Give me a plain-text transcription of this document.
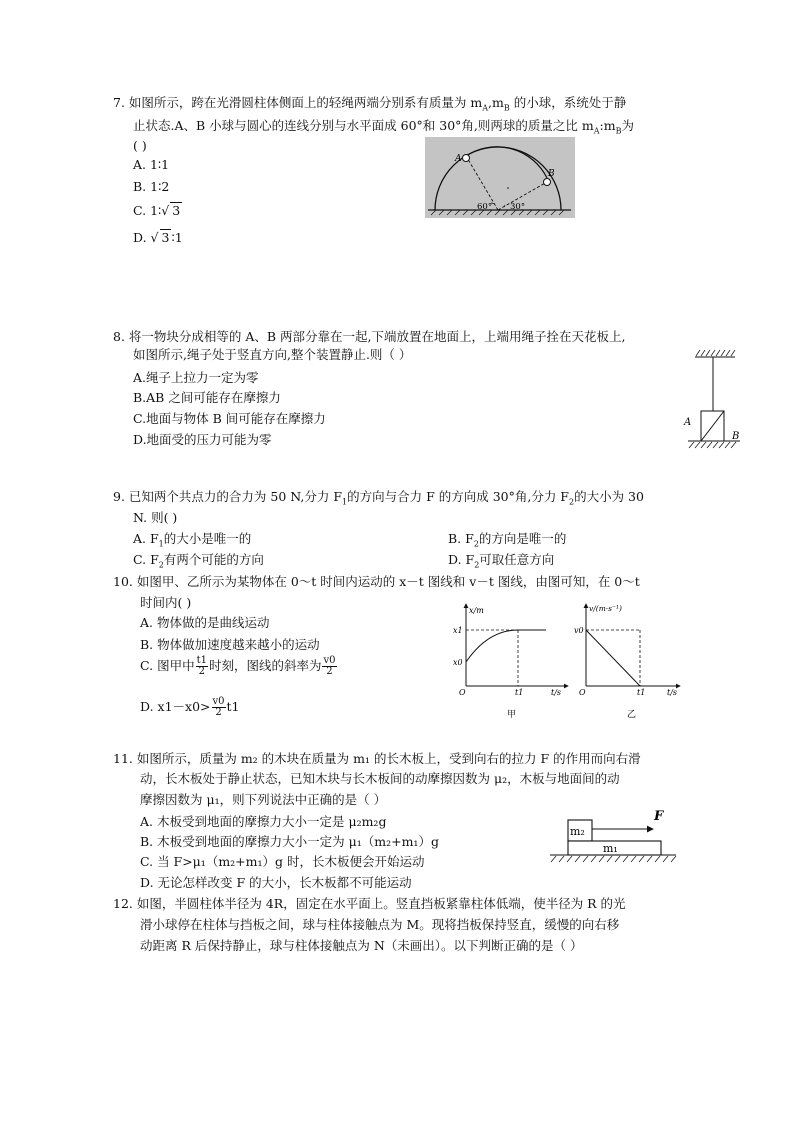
7. 如图所示，跨在光滑圆柱体侧面上的轻绳两端分别系有质量为 $m_A,m_B$ 的小球，系统处于静
止状态.A、B 小球与圆心的连线分别与水平面成 60°和 30°角,则两球的质量之比 $m_A:m_B$为
( )
A. 1∶1
B. 1∶2
C. 1∶√ 3
D. √ 3 ∶1
A
B
60° 30°
8. 将一物块分成相等的 A、B 两部分靠在一起,下端放置在地面上，上端用绳子拴在天花板上,
如图所示,绳子处于竖直方向,整个装置静止.则（ ）
A.绳子上拉力一定为零
B.AB 之间可能存在摩擦力
C.地面与物体 B 间可能存在摩擦力
D.地面受的压力可能为零
A
B
9. 已知两个共点力的合力为 50 N,分力 $F_1$的方向与合力 F 的方向成 30°角,分力 $F_2$的大小为 30
N. 则( )
A. $F_1$的大小是唯一的	B. $F_2$的方向是唯一的
C. $F_2$有两个可能的方向	D. $F_2$可取任意方向
10. 如图甲、乙所示为某物体在 0～t 时间内运动的 x－t 图线和 v－t 图线，由图可知，在 0～t
时间内( )
A. 物体做的是曲线运动
B. 物体做加速度越来越小的运动
C. 图甲中 $\frac{t1}{2}$ 时刻，图线的斜率为 $\frac{v0}{2}$
D. $x1-x0> \frac{v0}{2} t1$
x/m
x1
x0
O	t1	t/s
甲
v/(m·s⁻¹)
v0
O	t1	t/s
乙
11. 如图所示，质量为 m₂ 的木块在质量为 m₁ 的长木板上，受到向右的拉力 F 的作用而向右滑
动，长木板处于静止状态，已知木块与长木板间的动摩擦因数为 μ₂，木板与地面间的动
摩擦因数为 μ₁，则下列说法中正确的是（ ）
A. 木板受到地面的摩擦力大小一定是 μ₂m₂g
B. 木板受到地面的摩擦力大小一定为 μ₁（m₂+m₁）g
C. 当 F>μ₁（m₂+m₁）g 时，长木板便会开始运动
D. 无论怎样改变 F 的大小，长木板都不可能运动
m₂
m₁
F
12. 如图，半圆柱体半径为 4R，固定在水平面上。竖直挡板紧靠柱体低端，使半径为 R 的光
滑小球停在柱体与挡板之间，球与柱体接触点为 M。现将挡板保持竖直，缓慢的向右移
动距离 R 后保持静止，球与柱体接触点为 N（未画出）。以下判断正确的是（ ）
